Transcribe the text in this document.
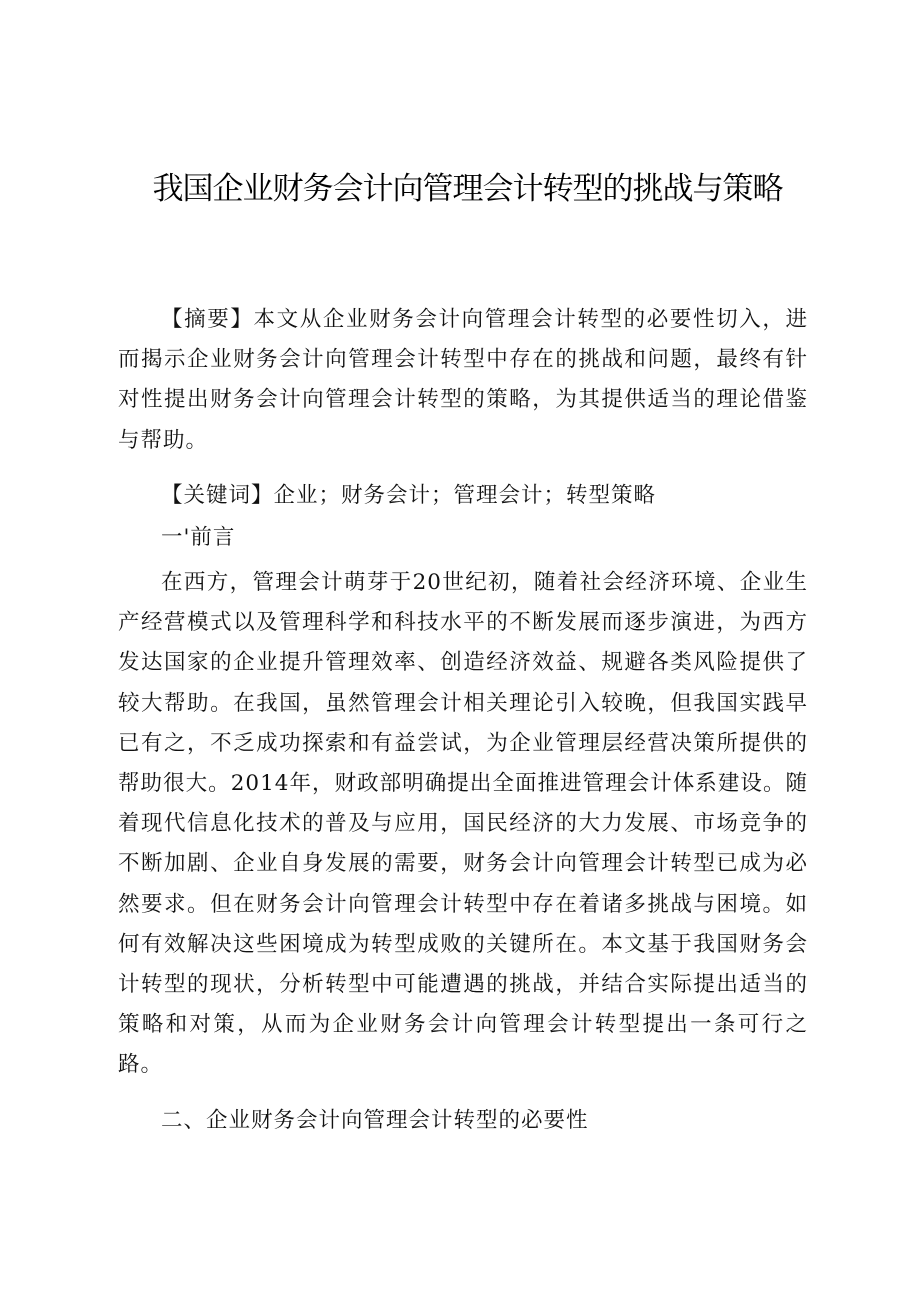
我国企业财务会计向管理会计转型的挑战与策略

【摘要】本文从企业财务会计向管理会计转型的必要性切入，进而揭示企业财务会计向管理会计转型中存在的挑战和问题，最终有针对性提出财务会计向管理会计转型的策略，为其提供适当的理论借鉴与帮助。

【关键词】企业；财务会计；管理会计；转型策略

一'前言

在西方，管理会计萌芽于20世纪初，随着社会经济环境、企业生产经营模式以及管理科学和科技水平的不断发展而逐步演进，为西方发达国家的企业提升管理效率、创造经济效益、规避各类风险提供了较大帮助。在我国，虽然管理会计相关理论引入较晚，但我国实践早已有之，不乏成功探索和有益尝试，为企业管理层经营决策所提供的帮助很大。2014年，财政部明确提出全面推进管理会计体系建设。随着现代信息化技术的普及与应用，国民经济的大力发展、市场竞争的不断加剧、企业自身发展的需要，财务会计向管理会计转型已成为必然要求。但在财务会计向管理会计转型中存在着诸多挑战与困境。如何有效解决这些困境成为转型成败的关键所在。本文基于我国财务会计转型的现状，分析转型中可能遭遇的挑战，并结合实际提出适当的策略和对策，从而为企业财务会计向管理会计转型提出一条可行之路。

二、企业财务会计向管理会计转型的必要性
